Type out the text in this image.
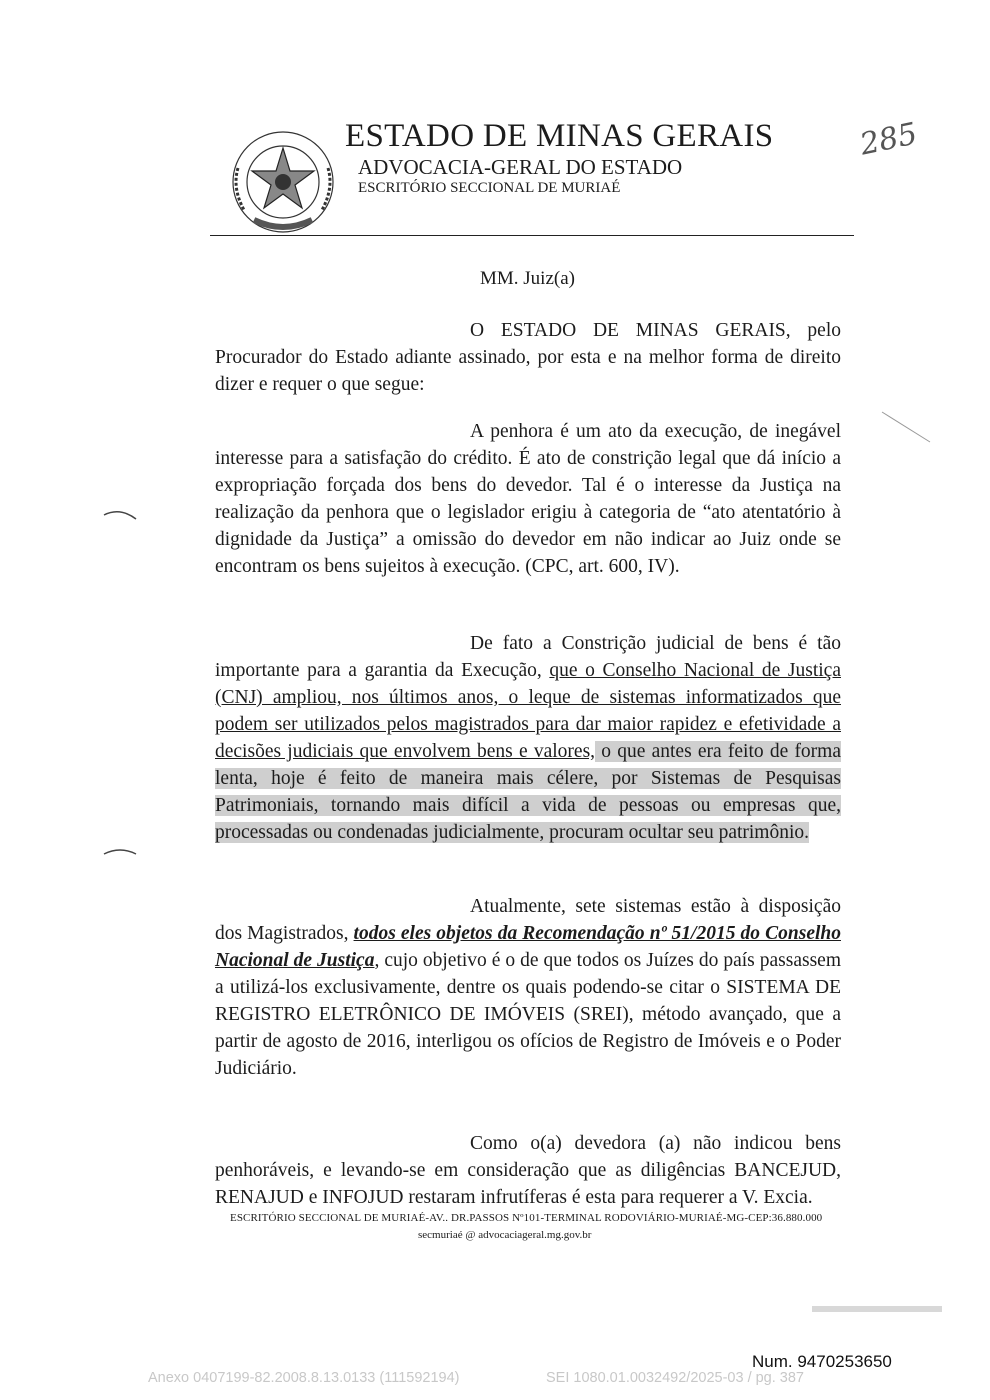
ESTADO DE MINAS GERAIS
ADVOCACIA-GERAL DO ESTADO
ESCRITÓRIO SECCIONAL DE MURIAÉ
285
MM. Juiz(a)
O ESTADO DE MINAS GERAIS, pelo Procurador do Estado adiante assinado, por esta e na melhor forma de direito dizer e requer o que segue:
A penhora é um ato da execução, de inegável interesse para a satisfação do crédito. É ato de constrição legal que dá início a expropriação forçada dos bens do devedor. Tal é o interesse da Justiça na realização da penhora que o legislador erigiu à categoria de “ato atentatório à dignidade da Justiça” a omissão do devedor em não indicar ao Juiz onde se encontram os bens sujeitos à execução. (CPC, art. 600, IV).
De fato a Constrição judicial de bens é tão importante para a garantia da Execução, que o Conselho Nacional de Justiça (CNJ) ampliou, nos últimos anos, o leque de sistemas informatizados que podem ser utilizados pelos magistrados para dar maior rapidez e efetividade a decisões judiciais que envolvem bens e valores, o que antes era feito de forma lenta, hoje é feito de maneira mais célere, por Sistemas de Pesquisas Patrimoniais, tornando mais difícil a vida de pessoas ou empresas que, processadas ou condenadas judicialmente, procuram ocultar seu patrimônio.
Atualmente, sete sistemas estão à disposição dos Magistrados, todos eles objetos da Recomendação nº 51/2015 do Conselho Nacional de Justiça, cujo objetivo é o de que todos os Juízes do país passassem a utilizá-los exclusivamente, dentre os quais podendo-se citar o SISTEMA DE REGISTRO ELETRÔNICO DE IMÓVEIS (SREI), método avançado, que a partir de agosto de 2016, interligou os ofícios de Registro de Imóveis e o Poder Judiciário.
Como o(a) devedora (a) não indicou bens penhoráveis, e levando-se em consideração que as diligências BANCEJUD, RENAJUD e INFOJUD restaram infrutíferas é esta para requerer a V. Excia.
ESCRITÓRIO SECCIONAL DE MURIAÉ-AV.. DR.PASSOS Nº101-TERMINAL RODOVIÁRIO-MURIAÉ-MG-CEP:36.880.000
secmuriaé @ advocaciageral.mg.gov.br
Num. 9470253650
Anexo 0407199-82.2008.8.13.0133 (111592194)	SEI 1080.01.0032492/2025-03 / pg. 387
